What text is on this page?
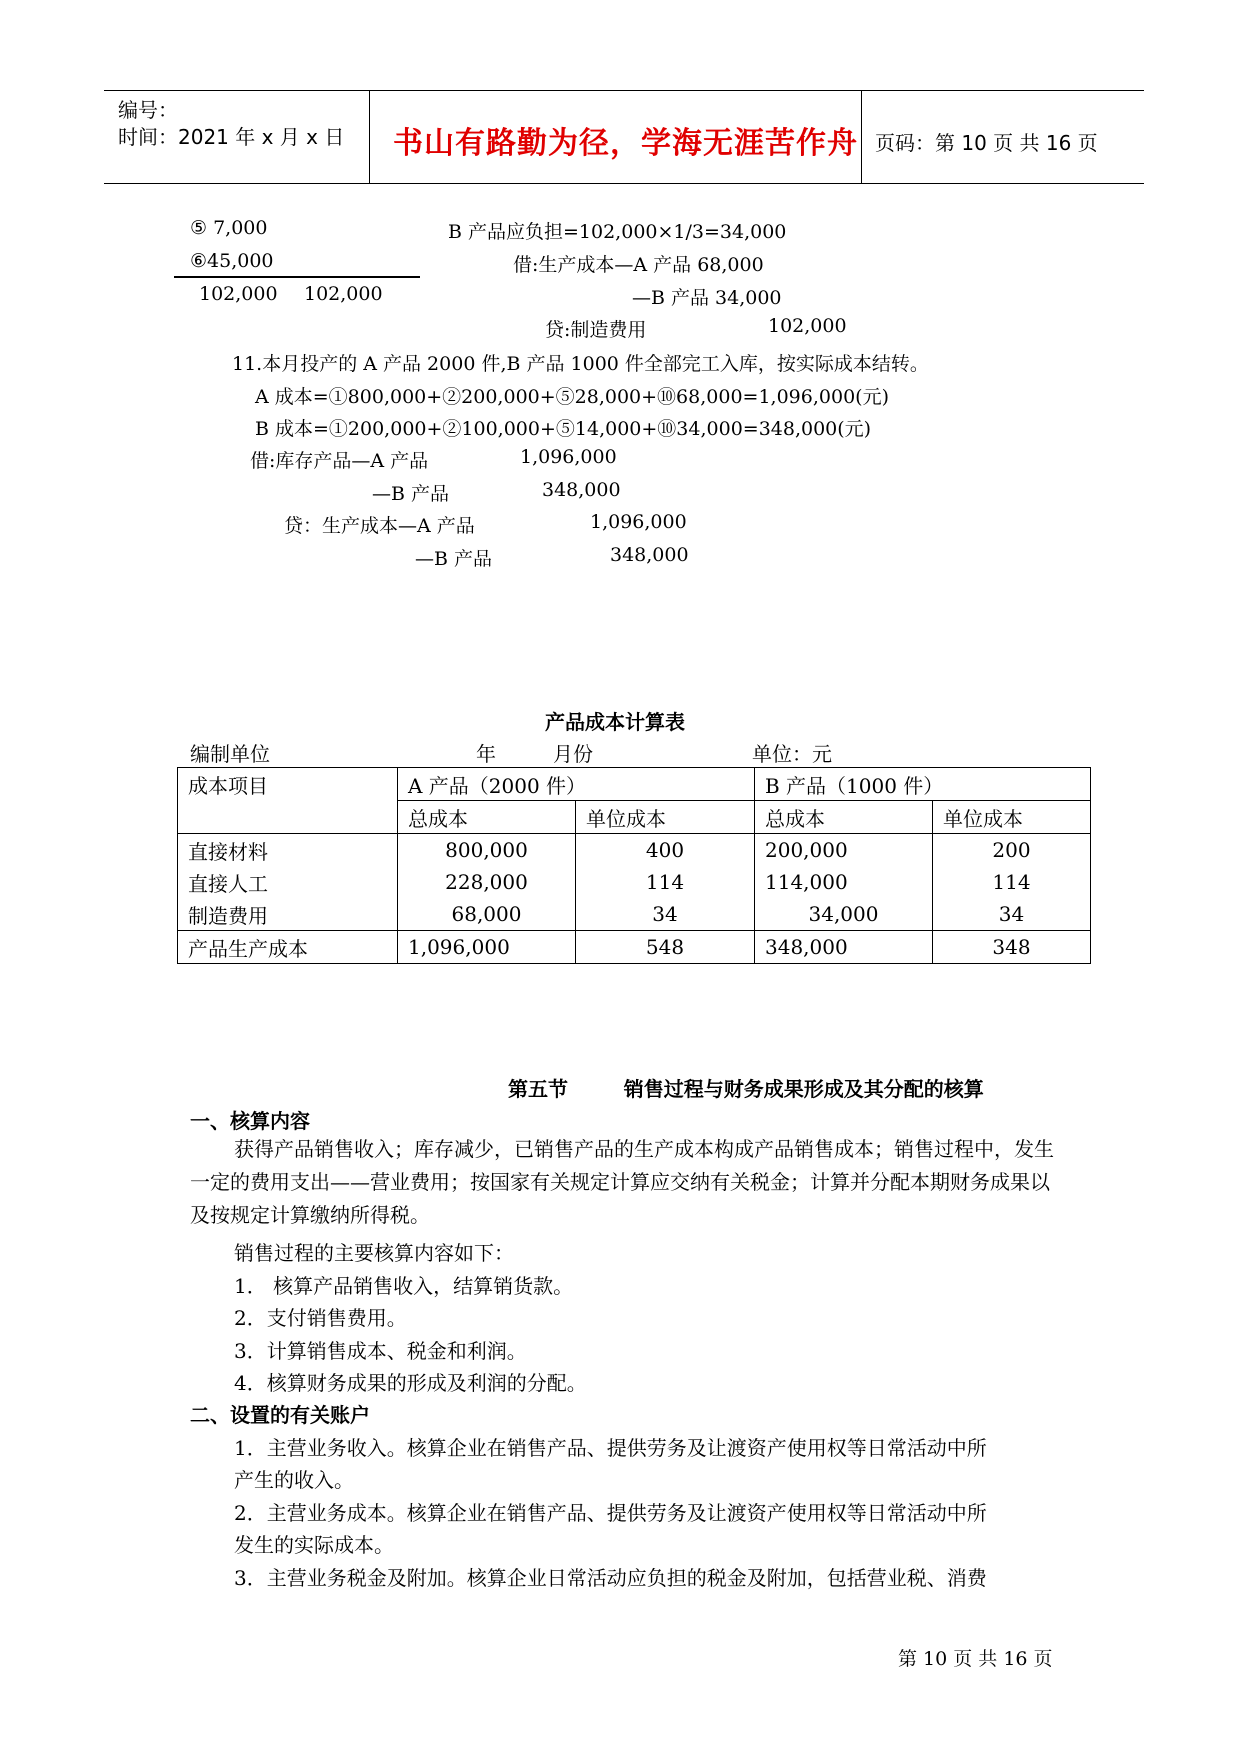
编号：
时间：2021 年 x 月 x 日 书山有路勤为径，学海无涯苦作舟 页码：第 10 页 共 16 页
⑤ 7,000
⑥45,000
102,000 102,000
B 产品应负担=102,000×1/3=34,000
借:生产成本—A 产品 68,000
—B 产品 34,000
贷:制造费用	102,000
11.本月投产的 A 产品 2000 件,B 产品 1000 件全部完工入库，按实际成本结转。
A 成本=①800,000+②200,000+⑤28,000+⑩68,000=1,096,000(元)
B 成本=①200,000+②100,000+⑤14,000+⑩34,000=348,000(元)
借:库存产品—A 产品	1,096,000
—B 产品	348,000
贷：生产成本—A 产品	1,096,000
—B 产品	348,000
产品成本计算表
编制单位	年	月份	单位：元
成本项目	A 产品（2000 件）		B 产品（1000 件）	
	总成本	单位成本	总成本	单位成本
直接材料	800,000	400	200,000	200
直接人工	228,000	114	114,000	114
制造费用	68,000	34	34,000	34
产品生产成本	1,096,000	548	348,000	348
第五节        销售过程与财务成果形成及其分配的核算
一、核算内容
获得产品销售收入；库存减少，已销售产品的生产成本构成产品销售成本；销售过程中，发生一定的费用支出——营业费用；按国家有关规定计算应交纳有关税金；计算并分配本期财务成果以及按规定计算缴纳所得税。
销售过程的主要核算内容如下：
1． 核算产品销售收入，结算销货款。
2．支付销售费用。
3．计算销售成本、税金和利润。
4．核算财务成果的形成及利润的分配。
二、设置的有关账户
1．主营业务收入。核算企业在销售产品、提供劳务及让渡资产使用权等日常活动中所
产生的收入。
2．主营业务成本。核算企业在销售产品、提供劳务及让渡资产使用权等日常活动中所
发生的实际成本。
3．主营业务税金及附加。核算企业日常活动应负担的税金及附加，包括营业税、消费
第 10 页 共 16 页
